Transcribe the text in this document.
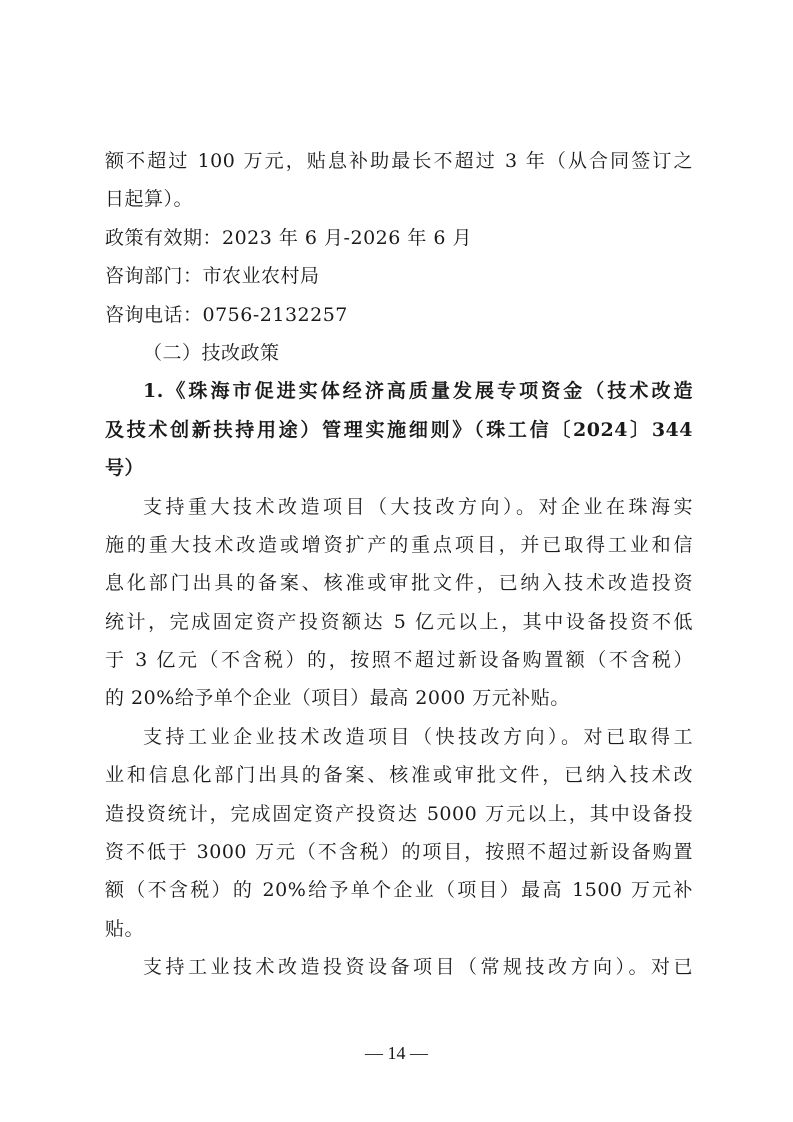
额不超过 100 万元，贴息补助最长不超过 3 年（从合同签订之
日起算）。
政策有效期：2023 年 6 月-2026 年 6 月
咨询部门：市农业农村局
咨询电话：0756-2132257
（二）技改政策
1.《珠海市促进实体经济高质量发展专项资金（技术改造
及技术创新扶持用途）管理实施细则》（珠工信〔2024〕344
号）
支持重大技术改造项目（大技改方向）。对企业在珠海实
施的重大技术改造或增资扩产的重点项目，并已取得工业和信
息化部门出具的备案、核准或审批文件，已纳入技术改造投资
统计，完成固定资产投资额达 5 亿元以上，其中设备投资不低
于 3 亿元（不含税）的，按照不超过新设备购置额（不含税）
的 20%给予单个企业（项目）最高 2000 万元补贴。
支持工业企业技术改造项目（快技改方向）。对已取得工
业和信息化部门出具的备案、核准或审批文件，已纳入技术改
造投资统计，完成固定资产投资达 5000 万元以上，其中设备投
资不低于 3000 万元（不含税）的项目，按照不超过新设备购置
额（不含税）的 20%给予单个企业（项目）最高 1500 万元补
贴。
支持工业技术改造投资设备项目（常规技改方向）。对已
— 14 —
